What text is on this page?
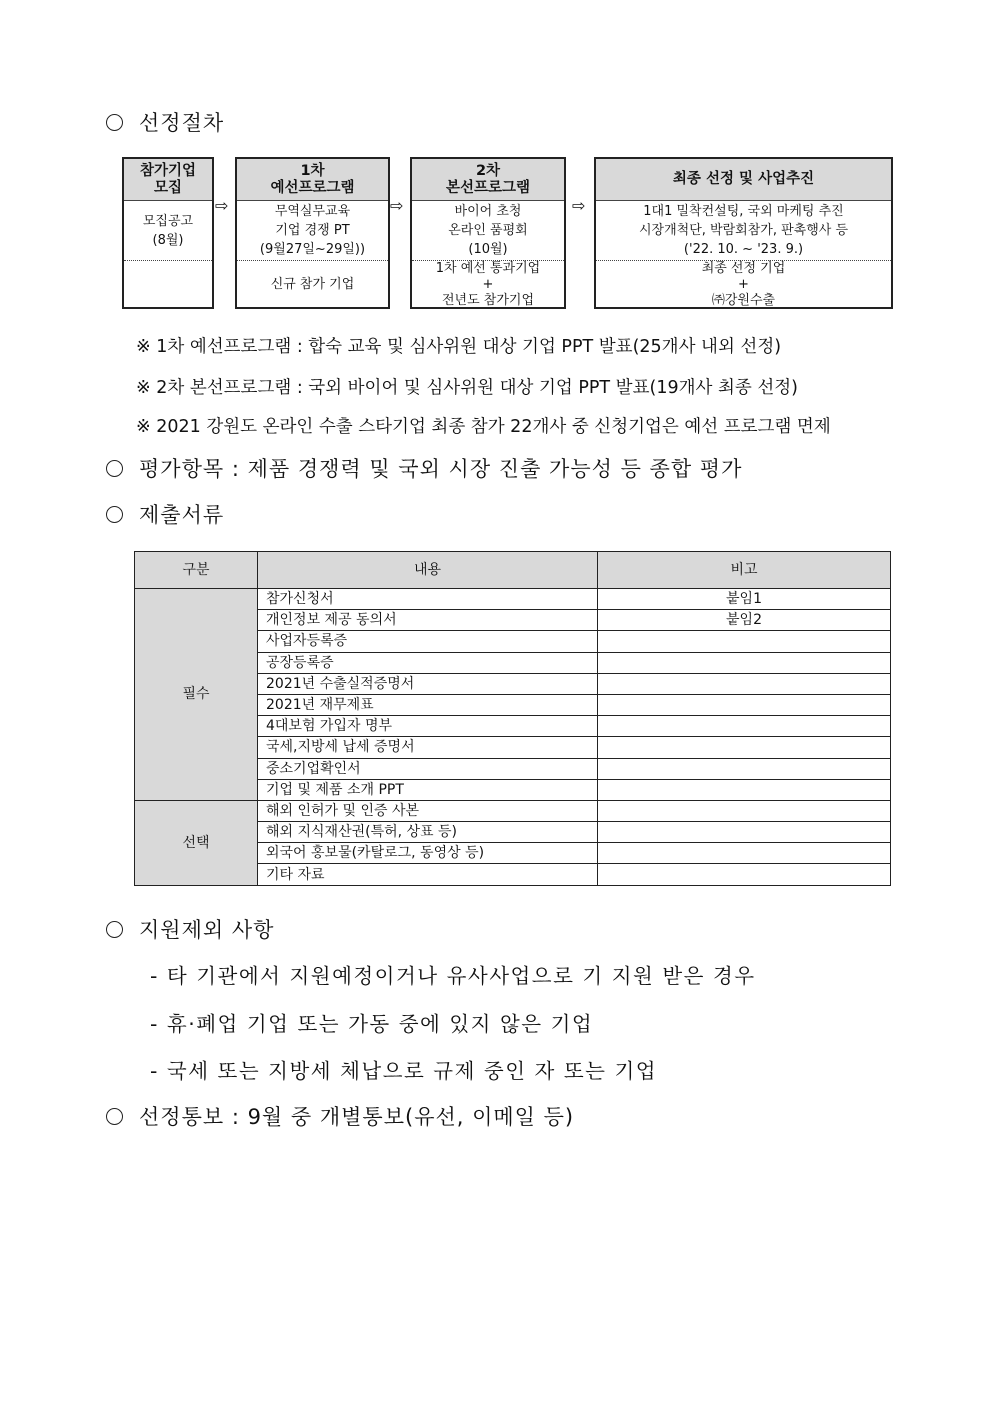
선정절차
참가기업
모집
모집공고
(8월)
⇨
1차
예선프로그램
무역실무교육
기업 경쟁 PT
(9월27일~29일))
신규 참가 기업
⇨
2차
본선프로그램
바이어 초청
온라인 품평회
(10월)
1차 예선 통과기업
+
전년도 참가기업
⇨
최종 선정 및 사업추진
1대1 밀착컨설팅, 국외 마케팅 추진
시장개척단, 박람회참가, 판촉행사 등
('22. 10. ~ '23. 9.)
최종 선정 기업
+
㈜강원수출
※ 1차 예선프로그램 : 합숙 교육 및 심사위원 대상 기업 PPT 발표(25개사 내외 선정)
※ 2차 본선프로그램 : 국외 바이어 및 심사위원 대상 기업 PPT 발표(19개사 최종 선정)
※ 2021 강원도 온라인 수출 스타기업 최종 참가 22개사 중 신청기업은 예선 프로그램 면제
평가항목 : 제품 경쟁력 및 국외 시장 진출 가능성 등 종합 평가
제출서류
구분	내용	비고
필수	참가신청서	붙임1
	개인정보 제공 동의서	붙임2
	사업자등록증	
	공장등록증	
	2021년 수출실적증명서	
	2021년 재무제표	
	4대보험 가입자 명부	
	국세,지방세 납세 증명서	
	중소기업확인서	
	기업 및 제품 소개 PPT	
선택	해외 인허가 및 인증 사본	
	해외 지식재산권(특허, 상표 등)	
	외국어 홍보물(카탈로그, 동영상 등)	
	기타 자료	
지원제외 사항
- 타 기관에서 지원예정이거나 유사사업으로 기 지원 받은 경우
- 휴·폐업 기업 또는 가동 중에 있지 않은 기업
- 국세 또는 지방세 체납으로 규제 중인 자 또는 기업
선정통보 : 9월 중 개별통보(유선, 이메일 등)
